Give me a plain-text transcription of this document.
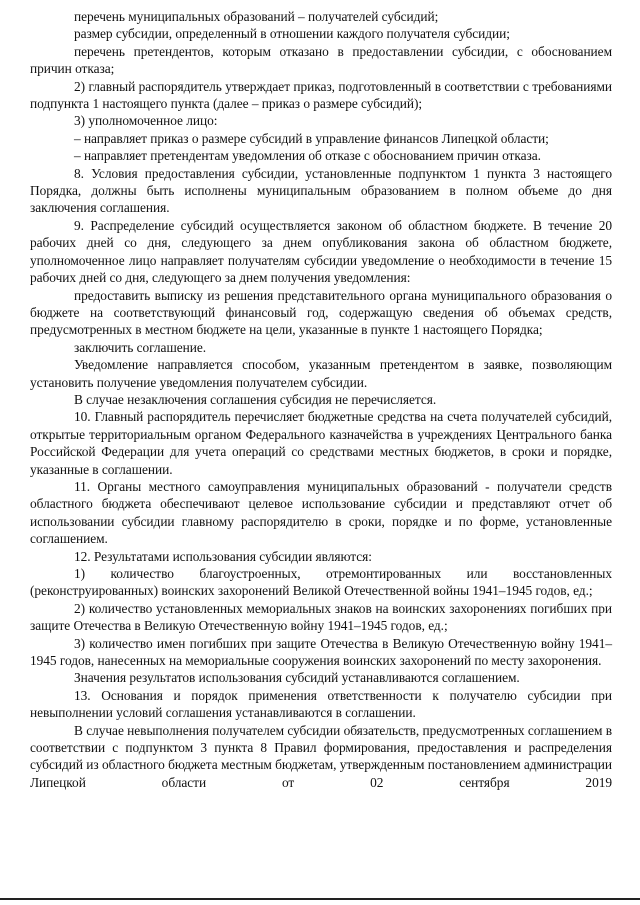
перечень муниципальных образований – получателей субсидий;

размер субсидии, определенный в отношении каждого получателя субсидии;

перечень претендентов, которым отказано в предоставлении субсидии, с обоснованием причин отказа;

2) главный распорядитель утверждает приказ, подготовленный в соответствии с требованиями подпункта 1 настоящего пункта (далее – приказ о размере субсидий);

3) уполномоченное лицо:

– направляет приказ о размере субсидий в управление финансов Липецкой области;

– направляет претендентам уведомления об отказе с обоснованием причин отказа.

8. Условия предоставления субсидии, установленные подпунктом 1 пункта 3 настоящего Порядка, должны быть исполнены муниципальным образованием в полном объеме до дня заключения соглашения.

9. Распределение субсидий осуществляется законом об областном бюджете. В течение 20 рабочих дней со дня, следующего за днем опубликования закона об областном бюджете, уполномоченное лицо направляет получателям субсидии уведомление о необходимости в течение 15 рабочих дней со дня, следующего за днем получения уведомления:

предоставить выписку из решения представительного органа муниципального образования о бюджете на соответствующий финансовый год, содержащую сведения об объемах средств, предусмотренных в местном бюджете на цели, указанные в пункте 1 настоящего Порядка;

заключить соглашение.

Уведомление направляется способом, указанным претендентом в заявке, позволяющим установить получение уведомления получателем субсидии.

В случае незаключения соглашения субсидия не перечисляется.

10. Главный распорядитель перечисляет бюджетные средства на счета получателей субсидий, открытые территориальным органом Федерального казначейства в учреждениях Центрального банка Российской Федерации для учета операций со средствами местных бюджетов, в сроки и порядке, указанные в соглашении.

11. Органы местного самоуправления муниципальных образований - получатели средств областного бюджета обеспечивают целевое использование субсидии и представляют отчет об использовании субсидии главному распорядителю в сроки, порядке и по форме, установленные соглашением.

12. Результатами использования субсидии являются:

1) количество благоустроенных, отремонтированных или восстановленных (реконструированных) воинских захоронений Великой Отечественной войны 1941–1945 годов, ед.;

2) количество установленных мемориальных знаков на воинских захоронениях погибших при защите Отечества в Великую Отечественную войну 1941–1945 годов, ед.;

3) количество имен погибших при защите Отечества в Великую Отечественную войну 1941–1945 годов, нанесенных на мемориальные сооружения воинских захоронений по месту захоронения.

Значения результатов использования субсидий устанавливаются соглашением.

13. Основания и порядок применения ответственности к получателю субсидии при невыполнении условий соглашения устанавливаются в соглашении.

В случае невыполнения получателем субсидии обязательств, предусмотренных соглашением в соответствии с подпунктом 3 пункта 8 Правил формирования, предоставления и распределения субсидий из областного бюджета местным бюджетам, утвержденным постановлением администрации Липецкой области от 02 сентября 2019
